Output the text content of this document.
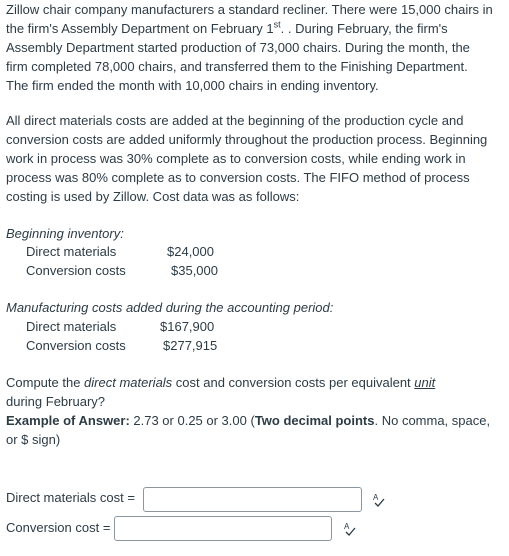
Zillow chair company manufacturers a standard recliner. There were 15,000 chairs in
the firm's Assembly Department on February 1st. . During February, the firm's
Assembly Department started production of 73,000 chairs. During the month, the
firm completed 78,000 chairs, and transferred them to the Finishing Department.
The firm ended the month with 10,000 chairs in ending inventory.

All direct materials costs are added at the beginning of the production cycle and
conversion costs are added uniformly throughout the production process. Beginning
work in process was 30% complete as to conversion costs, while ending work in
process was 80% complete as to conversion costs. The FIFO method of process
costing is used by Zillow. Cost data was as follows:

Beginning inventory:
Direct materials	$24,000
Conversion costs	$35,000
Manufacturing costs added during the accounting period:
Direct materials	$167,900
Conversion costs	$277,915

Compute the direct materials cost and conversion costs per equivalent unit
during February?
Example of Answer: 2.73 or 0.25 or 3.00 (Two decimal points. No comma, space,
or $ sign)

Direct materials cost =	A
Conversion cost =	A
